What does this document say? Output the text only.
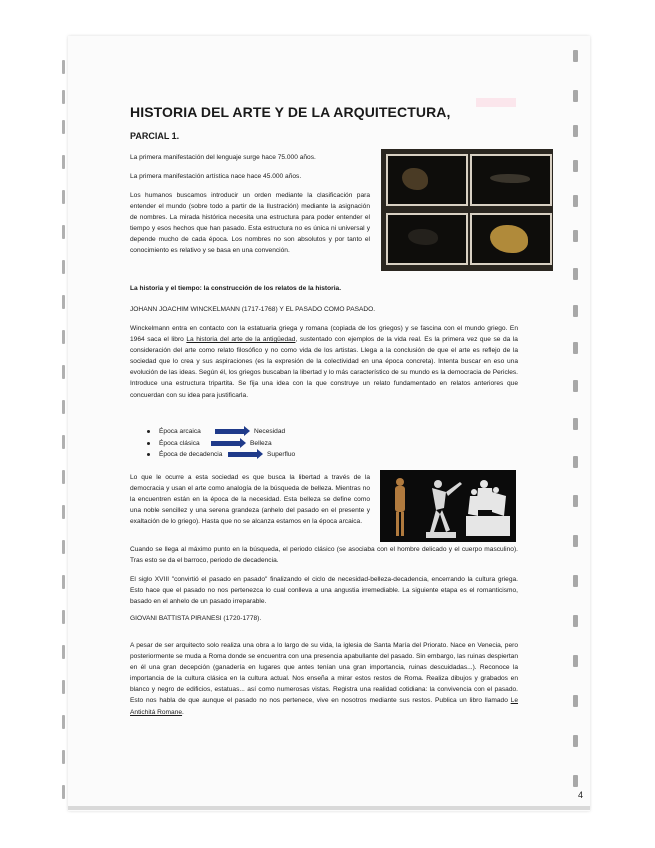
HISTORIA DEL ARTE Y DE LA ARQUITECTURA,
PARCIAL 1.
La primera manifestación del lenguaje surge hace 75.000 años.
La primera manifestación artística nace hace 45.000 años.
Los humanos buscamos introducir un orden mediante la clasificación para entender el mundo (sobre todo a partir de la Ilustración) mediante la asignación de nombres. La mirada histórica necesita una estructura para poder entender el tiempo y esos hechos que han pasado. Esta estructura no es única ni universal y depende mucho de cada época. Los nombres no son absolutos y por tanto el conocimiento es relativo y se basa en una convención.
La historia y el tiempo: la construcción de los relatos de la historia.
JOHANN JOACHIM WINCKELMANN (1717-1768) Y EL PASADO COMO PASADO.
Winckelmann entra en contacto con la estatuaria griega y romana (copiada de los griegos) y se fascina con el mundo griego. En 1964 saca el libro La historia del arte de la antigüedad, sustentado con ejemplos de la vida real. Es la primera vez que se da la consideración del arte como relato filosófico y no como vida de los artistas. Llega a la conclusión de que el arte es reflejo de la sociedad que lo crea y sus aspiraciones (es la expresión de la colectividad en una época concreta). Intenta buscar en eso una evolución de las ideas. Según él, los griegos buscaban la libertad y lo más característico de su mundo es la democracia de Pericles. Introduce una estructura tripartita. Se fija una idea con la que construye un relato fundamentado en relatos anteriores que concuerdan con su idea para justificarla.
Época arcaica	Necesidad
Época clásica	Belleza
Época de decadencia	Superfluo
Lo que le ocurre a esta sociedad es que busca la libertad a través de la democracia y usan el arte como analogía de la búsqueda de belleza. Mientras no la encuentren están en la época de la necesidad. Esta belleza se define como una noble sencillez y una serena grandeza (anhelo del pasado en el presente y exaltación de lo griego). Hasta que no se alcanza estamos en la época arcaica.
Cuando se llega al máximo punto en la búsqueda, el periodo clásico (se asociaba con el hombre delicado y el cuerpo masculino). Tras esto se da el barroco, periodo de decadencia.
El siglo XVIII "convirtió el pasado en pasado" finalizando el ciclo de necesidad-belleza-decadencia, encerrando la cultura griega. Esto hace que el pasado no nos pertenezca lo cual conlleva a una angustia irremediable. La siguiente etapa es el romanticismo, basado en el anhelo de un pasado irreparable.
GIOVANI BATTISTA PIRANESI (1720-1778).
A pesar de ser arquitecto solo realiza una obra a lo largo de su vida, la iglesia de Santa María del Priorato. Nace en Venecia, pero posteriormente se muda a Roma donde se encuentra con una presencia apabullante del pasado. Sin embargo, las ruinas despiertan en él una gran decepción (ganadería en lugares que antes tenían una gran importancia, ruinas descuidadas...). Reconoce la importancia de la cultura clásica en la cultura actual. Nos enseña a mirar estos restos de Roma. Realiza dibujos y grabados en blanco y negro de edificios, estatuas... así como numerosas vistas. Registra una realidad cotidiana: la convivencia con el pasado. Esto nos habla de que aunque el pasado no nos pertenece, vive en nosotros mediante sus restos. Publica un libro llamado Le Antichitá Romane.
4
